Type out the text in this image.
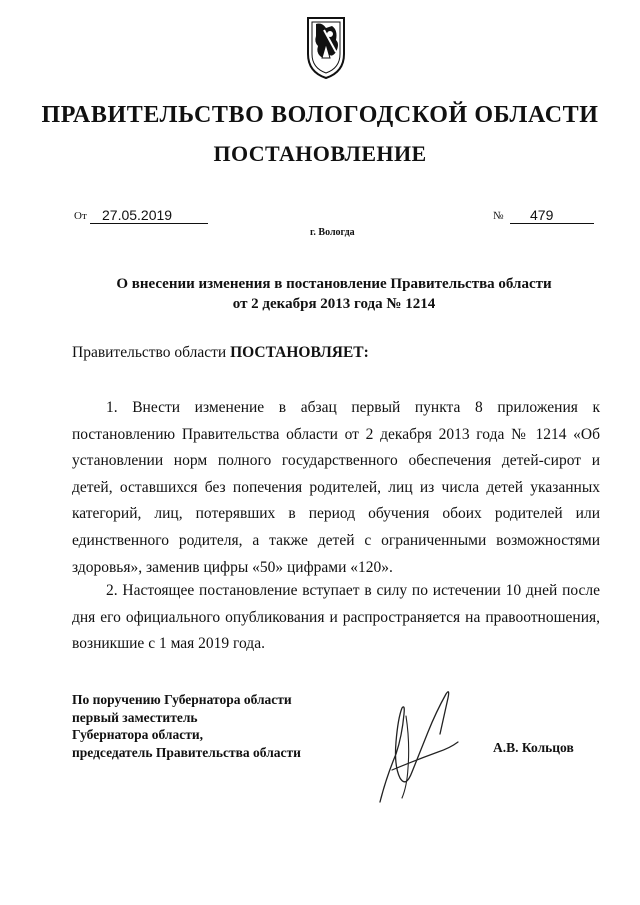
ПРАВИТЕЛЬСТВО ВОЛОГОДСКОЙ ОБЛАСТИ
ПОСТАНОВЛЕНИЕ
От	27.05.2019	№	479
г. Вологда
О внесении изменения в постановление Правительства области
от 2 декабря 2013 года № 1214
Правительство области ПОСТАНОВЛЯЕТ:

1. Внести изменение в абзац первый пункта 8 приложения к постановлению Правительства области от 2 декабря 2013 года № 1214 «Об установлении норм полного государственного обеспечения детей-сирот и детей, оставшихся без попечения родителей, лиц из числа детей указанных категорий, лиц, потерявших в период обучения обоих родителей или единственного родителя, а также детей с ограниченными возможностями здоровья», заменив цифры «50» цифрами «120».

2. Настоящее постановление вступает в силу по истечении 10 дней после дня его официального опубликования и распространяется на правоотношения, возникшие с 1 мая 2019 года.

По поручению Губернатора области
первый заместитель
Губернатора области,
председатель Правительства области	А.В. Кольцов
